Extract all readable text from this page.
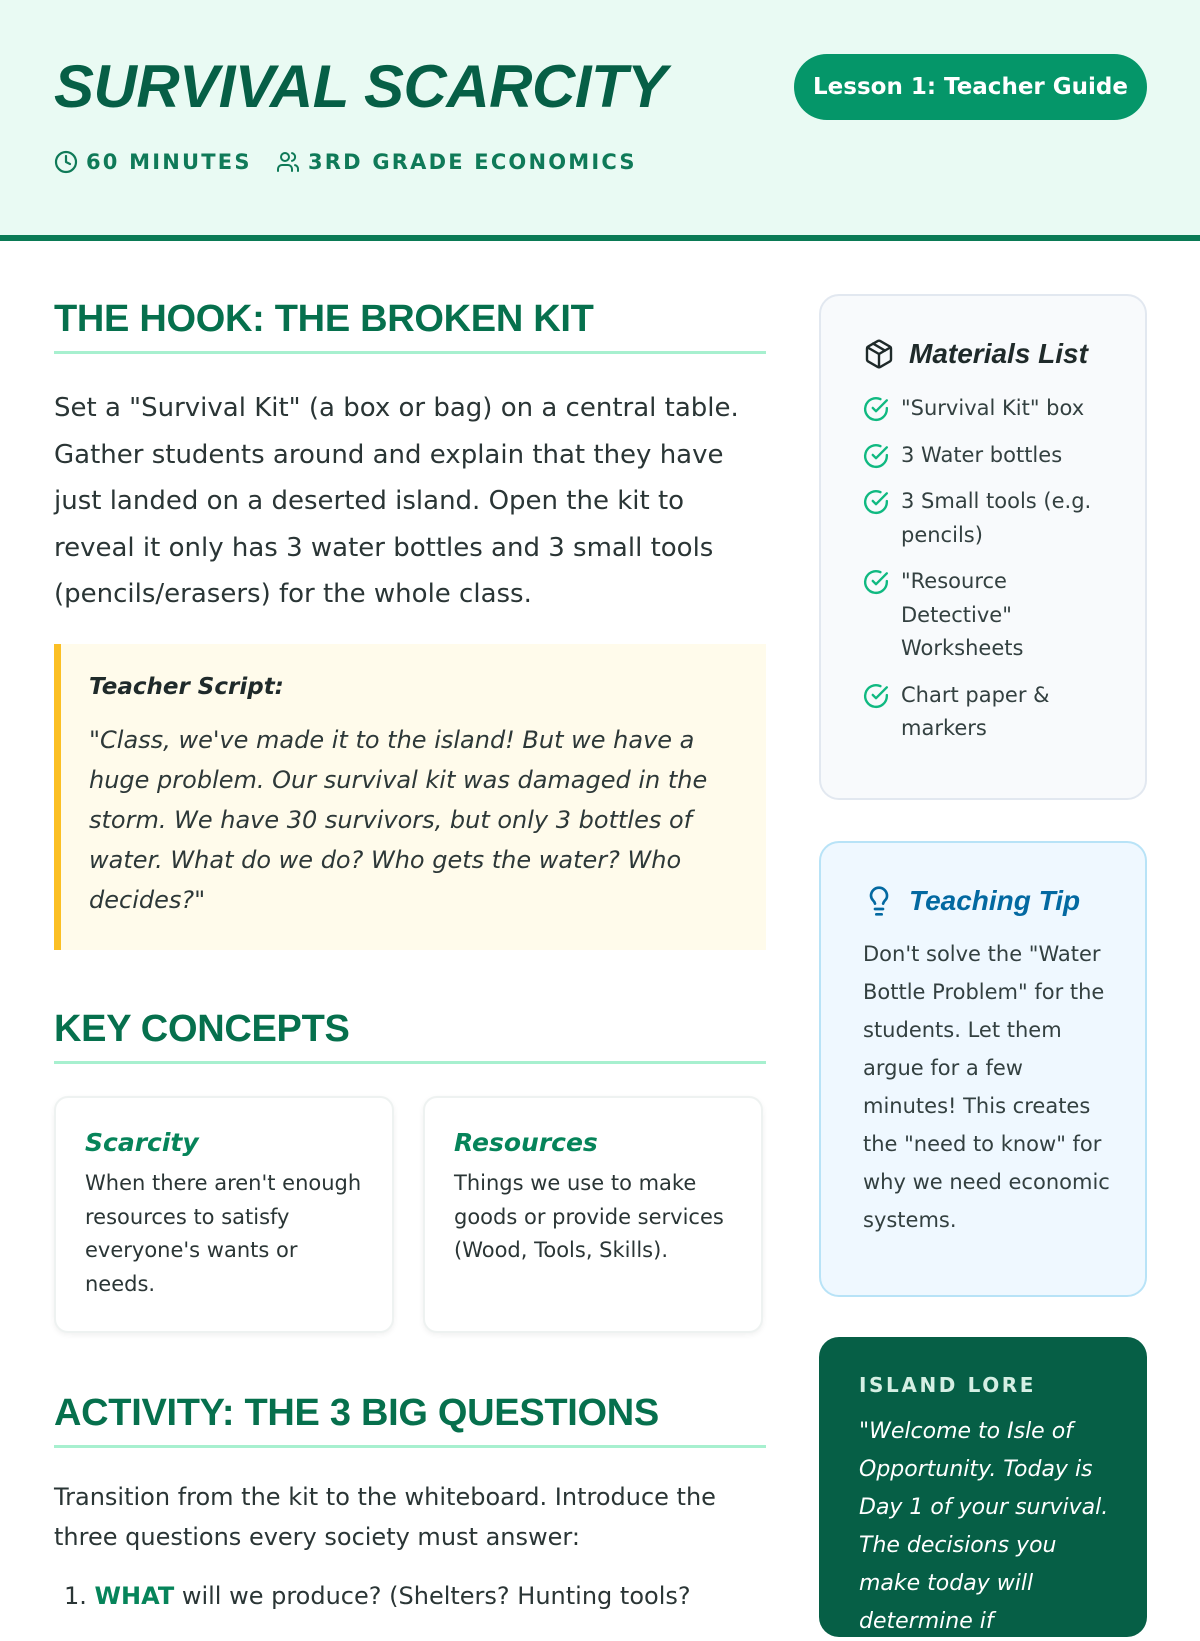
SURVIVAL SCARCITY	Lesson 1: Teacher Guide
60 MINUTES	3RD GRADE ECONOMICS
THE HOOK: THE BROKEN KIT

Set a "Survival Kit" (a box or bag) on a central table. Gather students around and explain that they have just landed on a deserted island. Open the kit to reveal it only has 3 water bottles and 3 small tools (pencils/erasers) for the whole class.

Teacher Script:
"Class, we've made it to the island! But we have a huge problem. Our survival kit was damaged in the storm. We have 30 survivors, but only 3 bottles of water. What do we do? Who gets the water? Who decides?"
KEY CONCEPTS
Scarcity
When there aren't enough resources to satisfy everyone's wants or needs.
Resources
Things we use to make goods or provide services (Wood, Tools, Skills).
ACTIVITY: THE 3 BIG QUESTIONS

Transition from the kit to the whiteboard. Introduce the three questions every society must answer:

1. WHAT will we produce? (Shelters? Hunting tools?
Materials List
"Survival Kit" box
3 Water bottles
3 Small tools (e.g. pencils)
"Resource Detective" Worksheets
Chart paper & markers
Teaching Tip
Don't solve the "Water Bottle Problem" for the students. Let them argue for a few minutes! This creates the "need to know" for why we need economic systems.
ISLAND LORE
"Welcome to Isle of Opportunity. Today is Day 1 of your survival. The decisions you make today will determine if
